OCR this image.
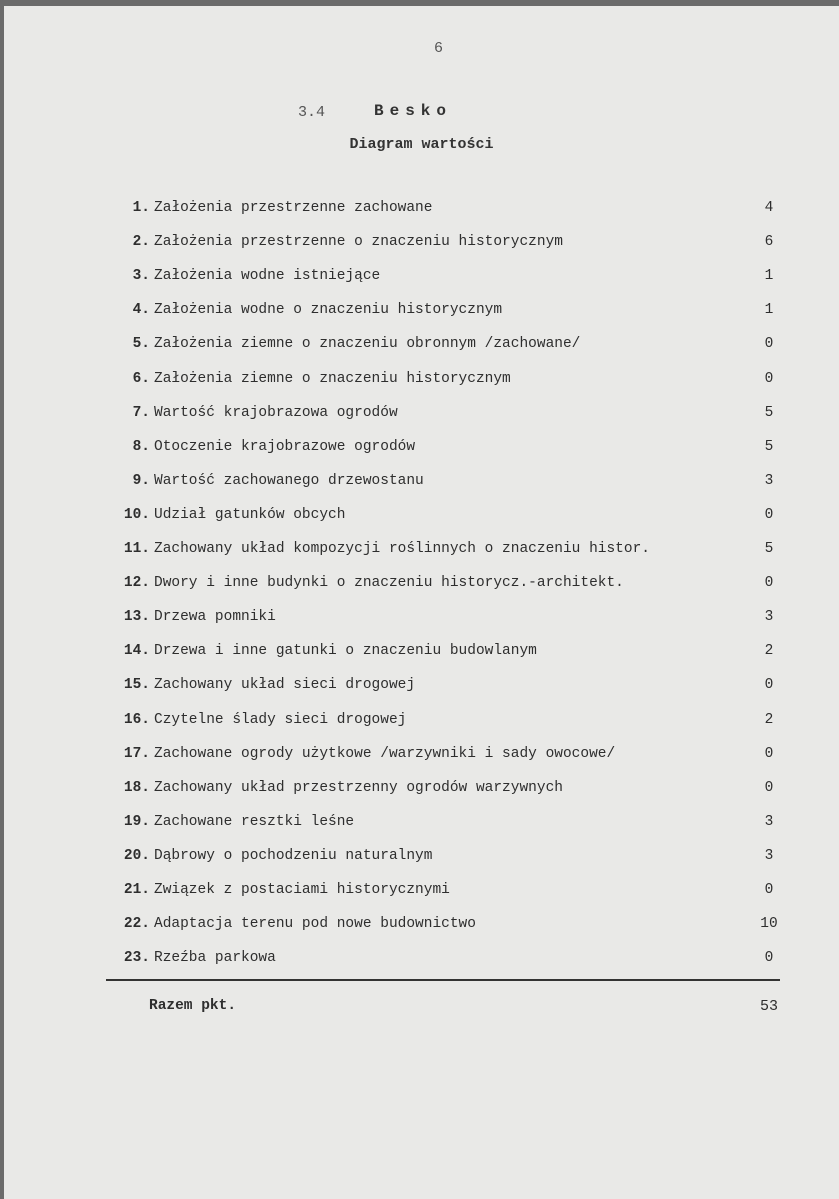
6
3.4	Besko
Diagram wartości
1. Założenia przestrzenne zachowane	4
2. Założenia przestrzenne o znaczeniu historycznym	6
3. Założenia wodne istniejące	1
4. Założenia wodne o znaczeniu historycznym	1
5. Założenia ziemne o znaczeniu obronnym /zachowane/	0
6. Założenia ziemne o znaczeniu historycznym	0
7. Wartość krajobrazowa ogrodów	5
8. Otoczenie krajobrazowe ogrodów	5
9. Wartość zachowanego drzewostanu	3
10. Udział gatunków obcych	0
11. Zachowany układ kompozycji roślinnych o znaczeniu histor.	5
12. Dwory i inne budynki o znaczeniu historycz.-architekt.	0
13. Drzewa pomniki	3
14. Drzewa i inne gatunki o znaczeniu budowlanym	2
15. Zachowany układ sieci drogowej	0
16. Czytelne ślady sieci drogowej	2
17. Zachowane ogrody użytkowe /warzywniki i sady owocowe/	0
18. Zachowany układ przestrzenny ogrodów warzywnych	0
19. Zachowane resztki leśne	3
20. Dąbrowy o pochodzeniu naturalnym	3
21. Związek z postaciami historycznymi	0
22. Adaptacja terenu pod nowe budownictwo	10
23. Rzeźba parkowa	0
Razem pkt.	53
